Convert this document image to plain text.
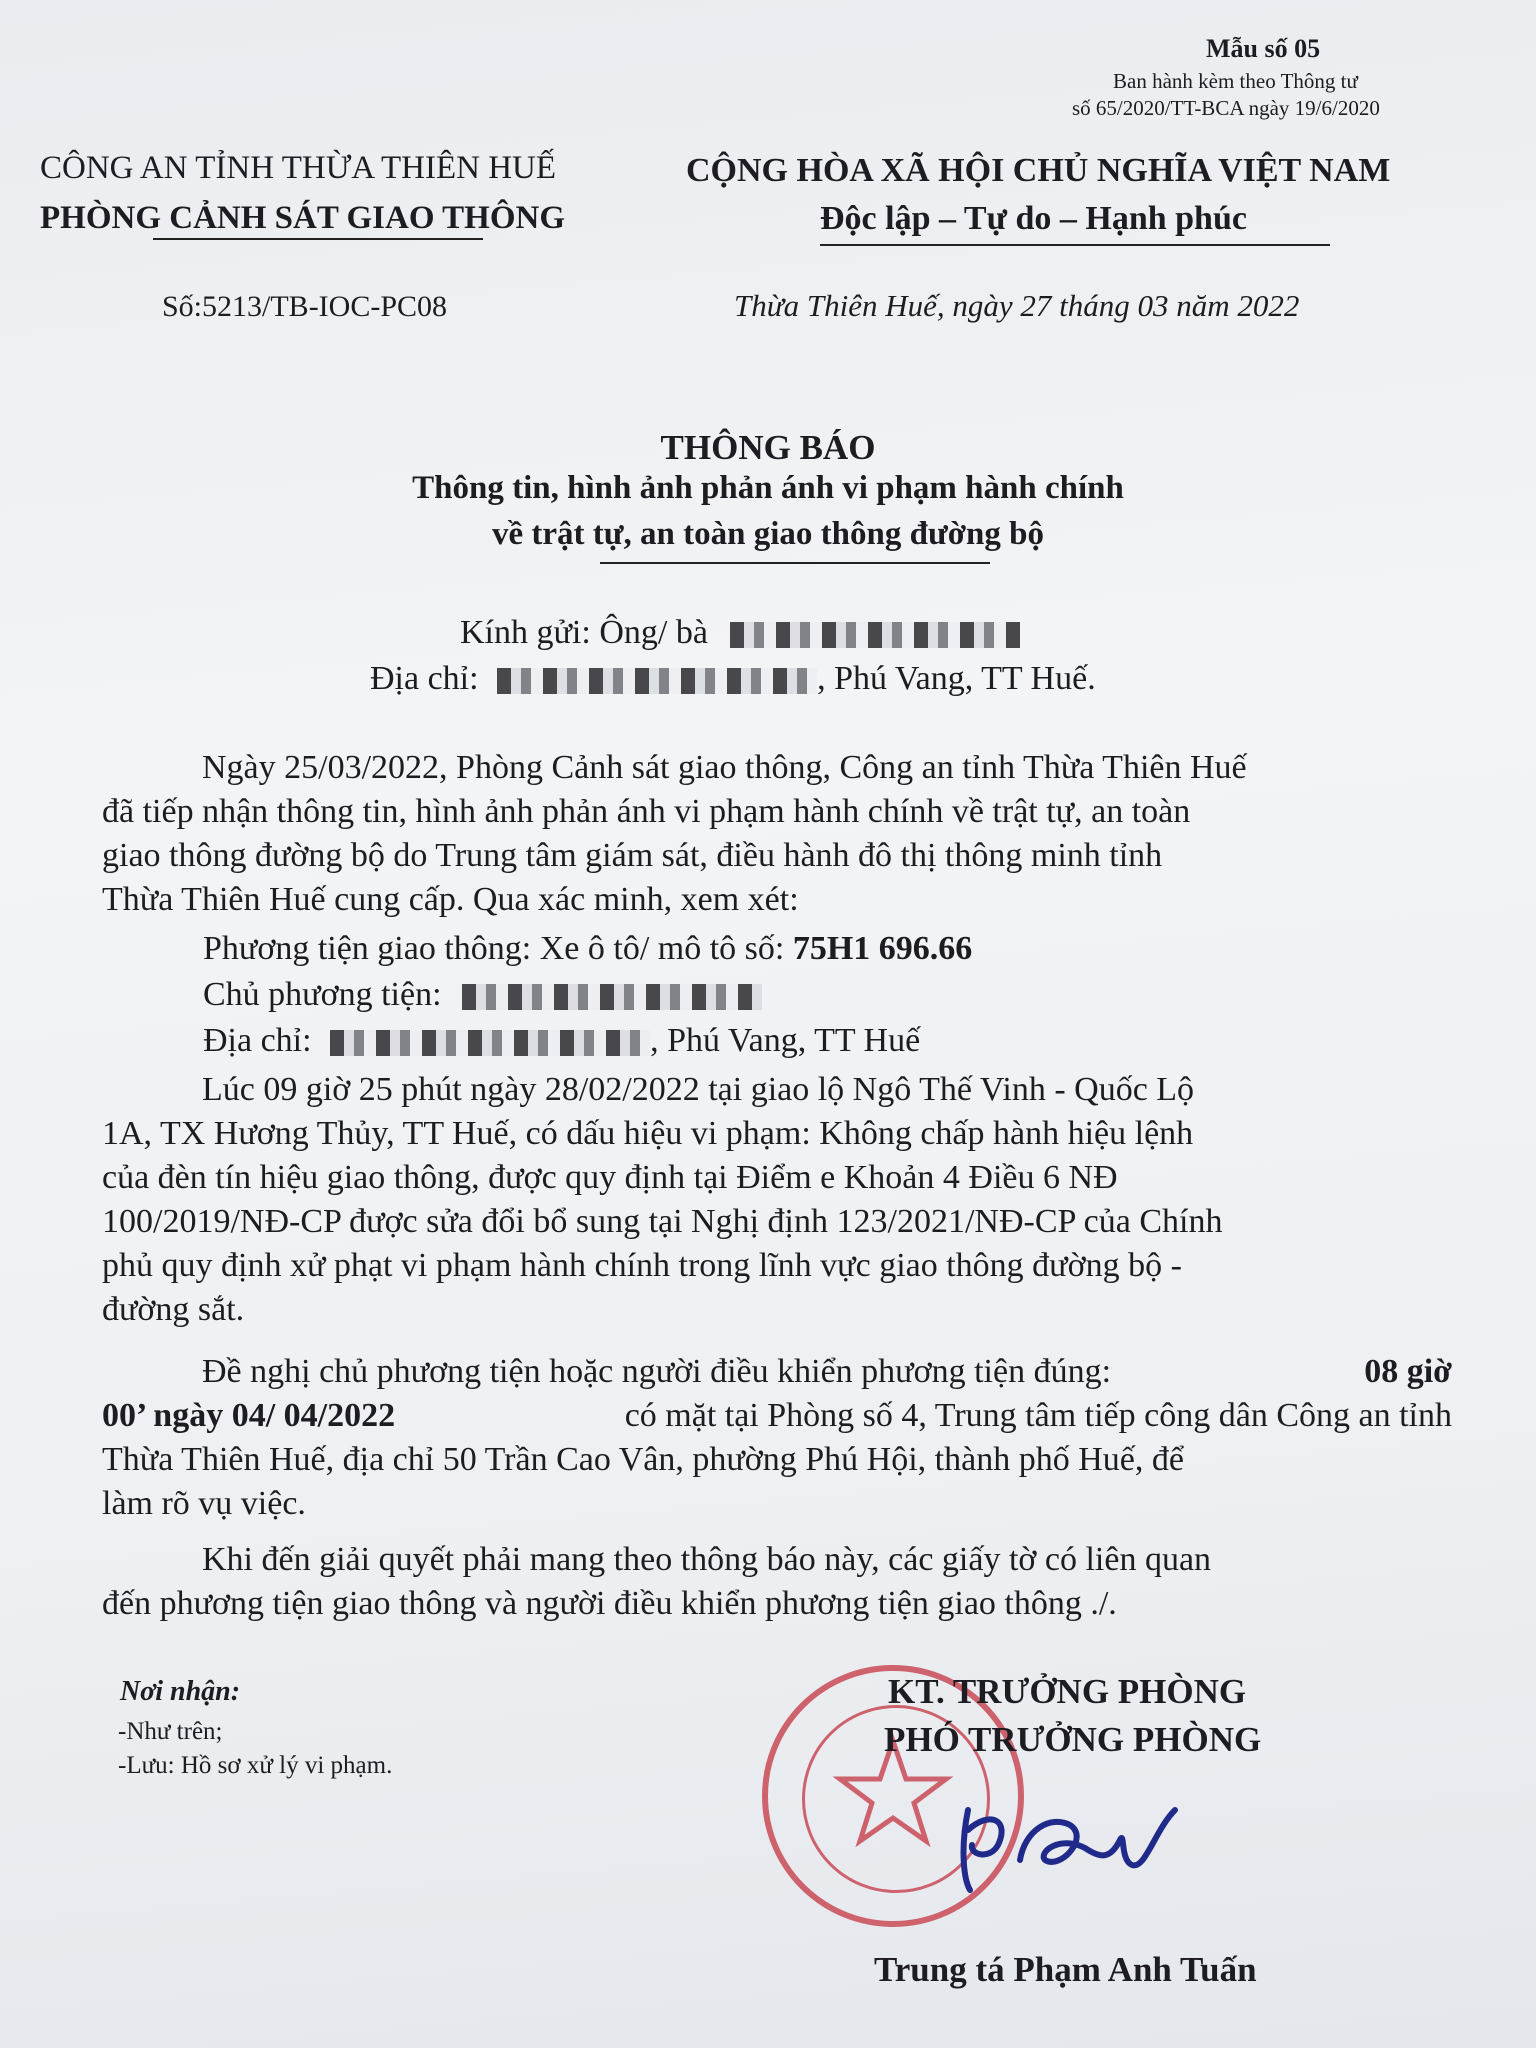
Mẫu số 05
Ban hành kèm theo Thông tư
số 65/2020/TT-BCA ngày 19/6/2020
CÔNG AN TỈNH THỪA THIÊN HUẾ
PHÒNG CẢNH SÁT GIAO THÔNG
Số:5213/TB-IOC-PC08
CỘNG HÒA XÃ HỘI CHỦ NGHĨA VIỆT NAM
Độc lập – Tự do – Hạnh phúc
Thừa Thiên Huế, ngày 27 tháng 03 năm 2022
THÔNG BÁO
Thông tin, hình ảnh phản ánh vi phạm hành chính
về trật tự, an toàn giao thông đường bộ
Kính gửi: Ông/ bà
Địa chỉ:	, Phú Vang, TT Huế.
Ngày 25/03/2022, Phòng Cảnh sát giao thông, Công an tỉnh Thừa Thiên Huế
đã tiếp nhận thông tin, hình ảnh phản ánh vi phạm hành chính về trật tự, an toàn
giao thông đường bộ do Trung tâm giám sát, điều hành đô thị thông minh tỉnh
Thừa Thiên Huế cung cấp. Qua xác minh, xem xét:
Phương tiện giao thông: Xe ô tô/ mô tô số: 75H1 696.66
Chủ phương tiện:
Địa chỉ:	, Phú Vang, TT Huế
Lúc 09 giờ 25 phút ngày 28/02/2022 tại giao lộ Ngô Thế Vinh - Quốc Lộ
1A, TX Hương Thủy, TT Huế, có dấu hiệu vi phạm: Không chấp hành hiệu lệnh
của đèn tín hiệu giao thông, được quy định tại Điểm e Khoản 4 Điều 6 NĐ
100/2019/NĐ-CP được sửa đổi bổ sung tại Nghị định 123/2021/NĐ-CP của Chính
phủ quy định xử phạt vi phạm hành chính trong lĩnh vực giao thông đường bộ -
đường sắt.
Đề nghị chủ phương tiện hoặc người điều khiển phương tiện đúng:	08 giờ
00’ ngày 04/ 04/2022	có mặt tại Phòng số 4, Trung tâm tiếp công dân Công an tỉnh
Thừa Thiên Huế, địa chỉ 50 Trần Cao Vân, phường Phú Hội, thành phố Huế, để
làm rõ vụ việc.
Khi đến giải quyết phải mang theo thông báo này, các giấy tờ có liên quan
đến phương tiện giao thông và người điều khiển phương tiện giao thông ./.
Nơi nhận:
-Như trên;
-Lưu: Hồ sơ xử lý vi phạm.
KT. TRƯỞNG PHÒNG
PHÓ TRƯỞNG PHÒNG
Trung tá Phạm Anh Tuấn
